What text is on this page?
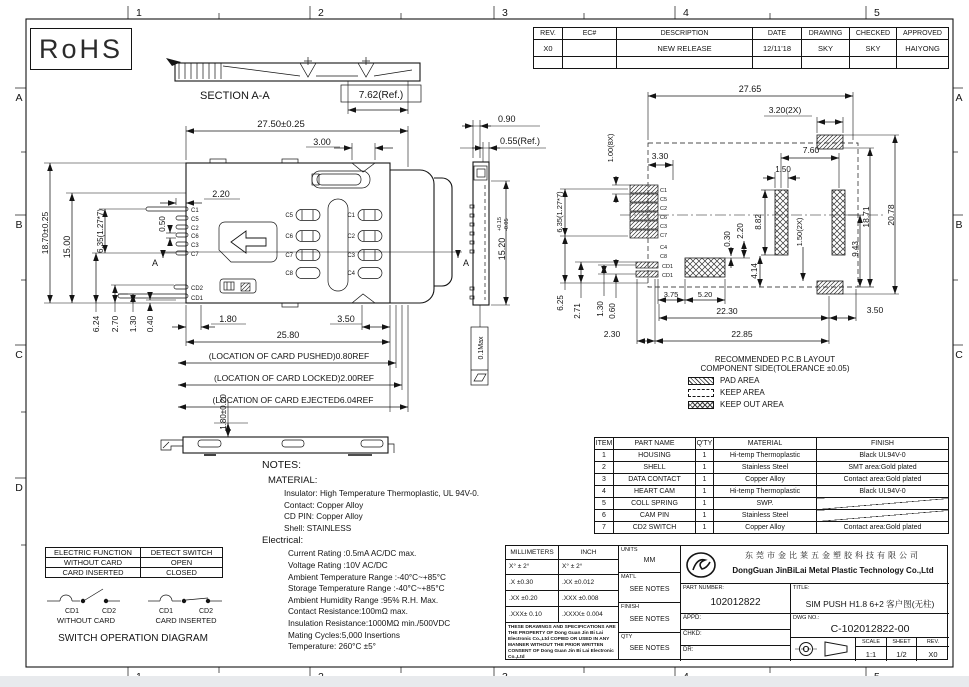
1	2	3	4	5
A
B
C
D
A
B
C
SECTION A-A	7.62(Ref.)
C5
C6
C7
C8
C1
C2
C3
C4
C1
C5
C2
C6
C3
C7
CD2
CD1
A	A
27.50±0.25
3.00
2.20
18.70±0.25 15.00	6.35(1.27*7)	0.50
6.24 2.70 1.30 0.40	1.80	3.50
25.80
(LOCATION OF CARD PUSHED)0.80REF
(LOCATION OF CARD LOCKED)2.00REF
(LOCATION OF CARD EJECTED6.04REF
1.80±0.20
0.90
0.55(Ref.)
15.20
+0.15 -0.05
0.1Max
C1
C5
C2
C6
C3
C7
C4
C8
CD1
CD1
27.65
3.20(2X)
1.00(8X)	3.30
7.60
1.50
18.71 20.78
8.82
2.20
0.30
4.14
1.50(2X)
9.43
3.75	5.20
22.30	3.50
2.30	22.85
6.35(1.27*7)
6.25
2.71 1.30 0.60
CD1	CD2
WITHOUT CARD
CD1	CD2
CARD INSERTED
SWITCH OPERATION DIAGRAM
RoHS	REV.	EC#	DESCRIPTION	DATE	DRAWING	CHECKED	APPROVED
X0		NEW RELEASE	12/11'18	SKY	SKY	HAIYONG

RECOMMENDED P.C.B LAYOUT
COMPONENT SIDE(TOLERANCE ±0.05)
PAD AREA
KEEP AREA
KEEP OUT AREA
ITEM	PART NAME	Q'TY	MATERIAL	FINISH
1	HOUSING	1	Hi-temp Thermoplastic	Black UL94V-0
2	SHELL	1	Stainless Steel	SMT area:Gold plated
3	DATA CONTACT	1	Copper Alloy	Contact area:Gold plated
4	HEART CAM	1	Hi-temp Thermoplastic	Black UL94V-0
5	COLL SPRING	1	SWP.	
6	CAM PIN	1	Stainless Steel	
7	CD2 SWITCH	1	Copper Alloy	Contact area:Gold plated
NOTES:
MATERIAL:
Insulator: High Temperature Thermoplastic, UL 94V-0.
Contact: Copper Alloy
CD PIN: Copper Alloy
Shell: STAINLESS
Electrical:
Current Rating :0.5mA AC/DC max.
Voltage Rating :10V AC/DC
Ambient Temperature Range :-40°C~+85°C
Storage Temperature Range :-40°C~+85°C
Ambient Humidity Range :95% R.H. Max.
Contact Resistance:100mΩ max.
Insulation Resistance:1000MΩ min./500VDC
Mating Cycles:5,000 Insertions
Temperature: 260°C ±5°
ELECTRIC FUNCTION	DETECT SWITCH
WITHOUT CARD	OPEN
CARD INSERTED	CLOSED
MILLIMETERS	INCH
X° ± 2°	X° ± 2°
.X ±0.30	.XX ±0.012
.XX ±0.20	.XXX ±0.008
.XXX± 0.10	.XXXX± 0.004
THESE DRAWINGS AND SPECIFICATIONS ARE THE PROPERTY OF Dong Guan Jin Bi Lai Electronic Co.,Ltd COPIED OR USED IN ANY MANNER WITHOUT THE PRIOR WRITTEN CONSENT OF Dong Guan Jin Bi Lai Electronic Co.,Ltd
UNITS
MM
MAT'L
SEE NOTES
FINISH
SEE NOTES
QTY
SEE NOTES
东莞市金比莱五金塑胶科技有限公司
DongGuan JinBiLai Metal Plastic Technology Co.,Ltd
PART NUMBER:
102012822
TITLE:
SIM PUSH H1.8 6+2 客户图(无柱)
APPD:
CHKD:
DR:
DWG NO.:
C-102012822-00
SCALE	SHEET	REV.
1:1	1/2	X0
